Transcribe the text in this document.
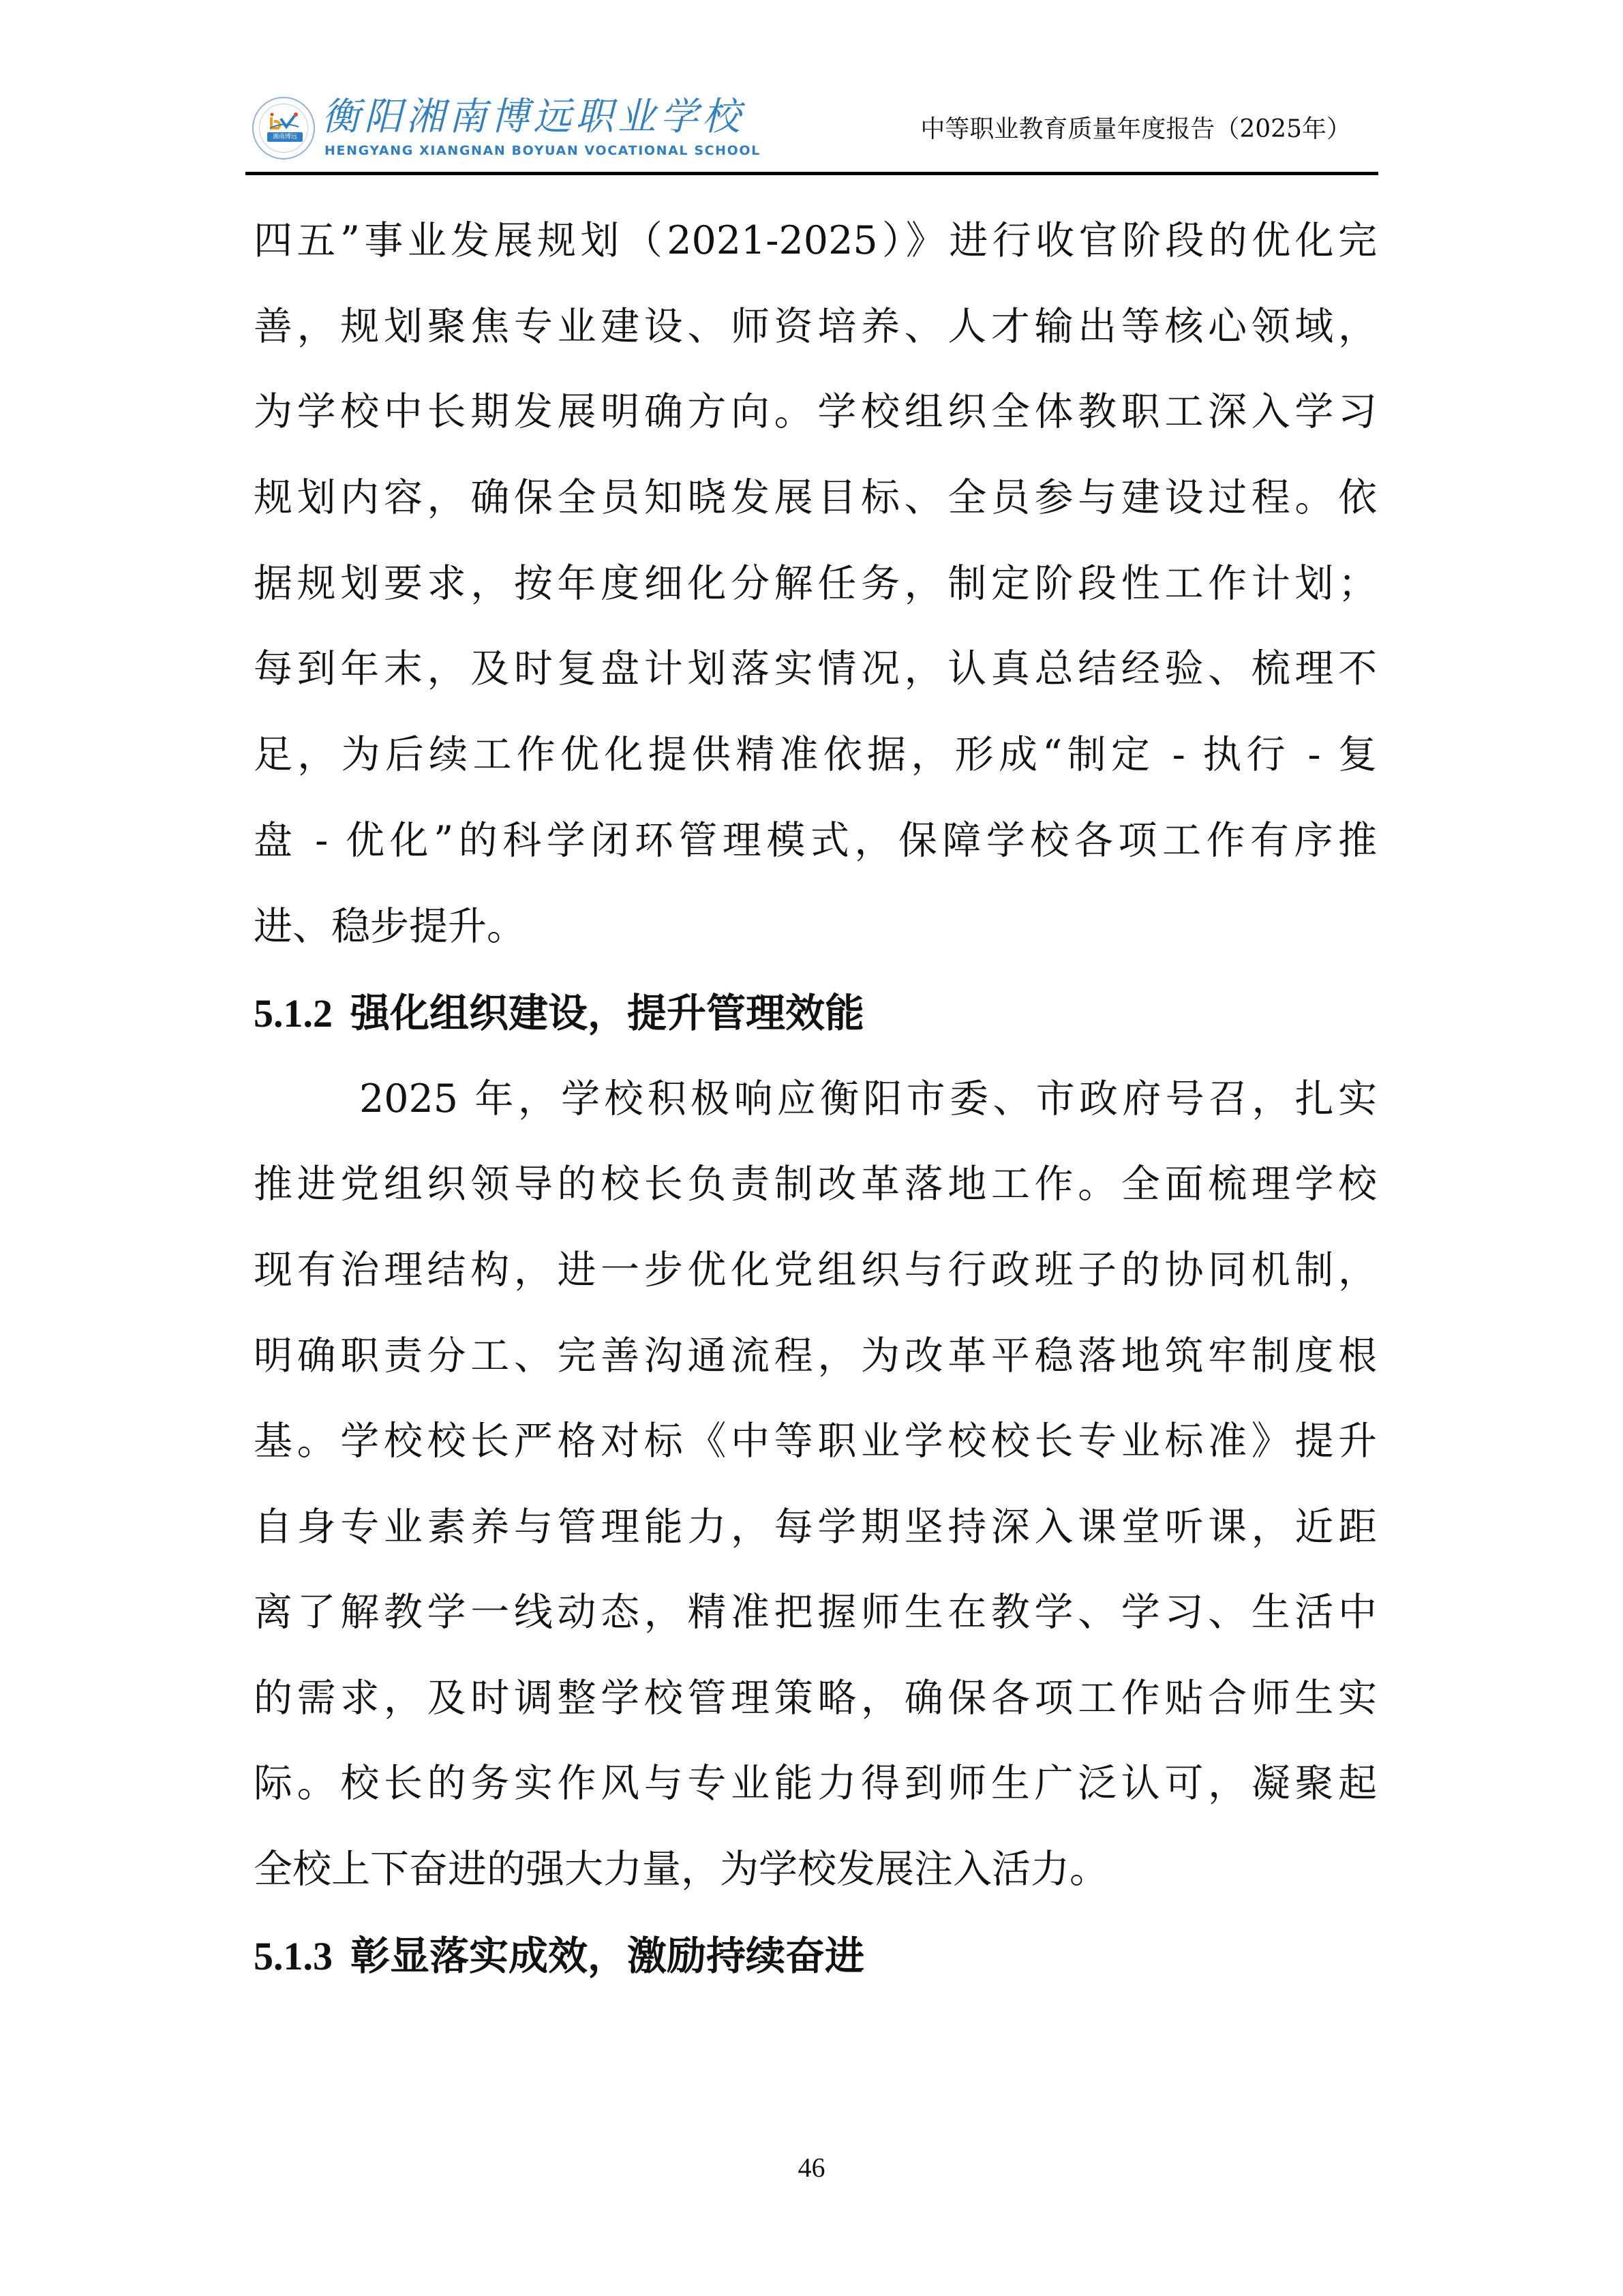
湘南博远 衡阳湘南博远职业学校
HENGYANG XIANGNAN BOYUAN VOCATIONAL SCHOOL
中等职业教育质量年度报告（2025年）
四五”事业发展规划（2021-2025）》进行收官阶段的优化完
善，规划聚焦专业建设、师资培养、人才输出等核心领域，
为学校中长期发展明确方向。学校组织全体教职工深入学习
规划内容，确保全员知晓发展目标、全员参与建设过程。依
据规划要求，按年度细化分解任务，制定阶段性工作计划；
每到年末，及时复盘计划落实情况，认真总结经验、梳理不
足，为后续工作优化提供精准依据，形成“制定 - 执行 - 复
盘 - 优化”的科学闭环管理模式，保障学校各项工作有序推
进、稳步提升。
5.1.2 强化组织建设，提升管理效能
2025 年，学校积极响应衡阳市委、市政府号召，扎实
推进党组织领导的校长负责制改革落地工作。全面梳理学校
现有治理结构，进一步优化党组织与行政班子的协同机制，
明确职责分工、完善沟通流程，为改革平稳落地筑牢制度根
基。学校校长严格对标《中等职业学校校长专业标准》提升
自身专业素养与管理能力，每学期坚持深入课堂听课，近距
离了解教学一线动态，精准把握师生在教学、学习、生活中
的需求，及时调整学校管理策略，确保各项工作贴合师生实
际。校长的务实作风与专业能力得到师生广泛认可，凝聚起
全校上下奋进的强大力量，为学校发展注入活力。
5.1.3 彰显落实成效，激励持续奋进
46
